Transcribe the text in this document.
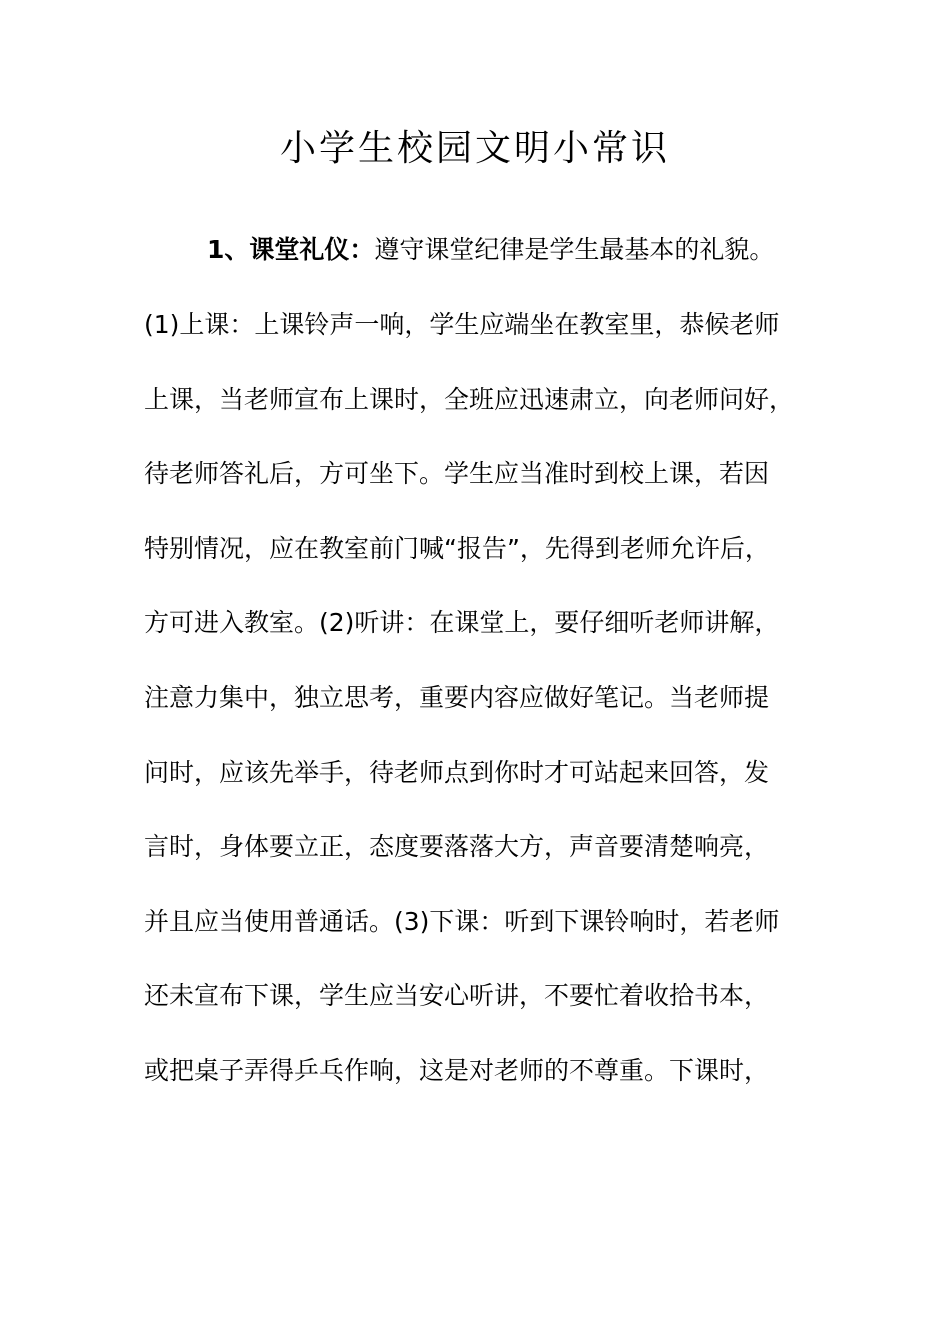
小学生校园文明小常识
1、课堂礼仪：遵守课堂纪律是学生最基本的礼貌。
(1)上课：上课铃声一响，学生应端坐在教室里，恭候老师
上课，当老师宣布上课时，全班应迅速肃立，向老师问好，
待老师答礼后，方可坐下。学生应当准时到校上课，若因
特别情况，应在教室前门喊“报告”，先得到老师允许后，
方可进入教室。(2)听讲：在课堂上，要仔细听老师讲解，
注意力集中，独立思考，重要内容应做好笔记。当老师提
问时，应该先举手，待老师点到你时才可站起来回答，发
言时，身体要立正，态度要落落大方，声音要清楚响亮，
并且应当使用普通话。(3)下课：听到下课铃响时，若老师
还未宣布下课，学生应当安心听讲，不要忙着收拾书本，
或把桌子弄得乒乓作响，这是对老师的不尊重。下课时，
